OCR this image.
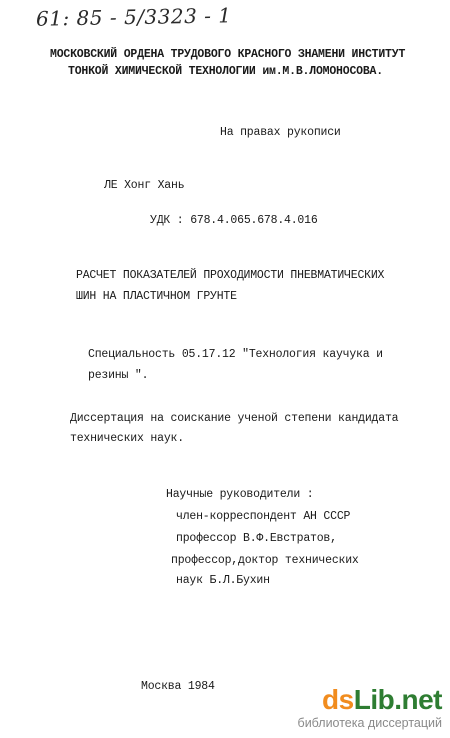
61: 85 - 5/3323 - 1
МОСКОВСКИЙ ОРДЕНА ТРУДОВОГО КРАСНОГО ЗНАМЕНИ ИНСТИТУТ
ТОНКОЙ ХИМИЧЕСКОЙ ТЕХНОЛОГИИ им.М.В.ЛОМОНОСОВА.
На правах рукописи
ЛЕ Хонг Хань
УДК : 678.4.065.678.4.016
РАСЧЕТ ПОКАЗАТЕЛЕЙ ПРОХОДИМОСТИ ПНЕВМАТИЧЕСКИХ
ШИН НА ПЛАСТИЧНОМ ГРУНТЕ
Специальность 05.17.12 "Технология каучука и
резины ".
Диссертация на соискание ученой степени кандидата
технических наук.
Научные руководители :
член-корреспондент АН СССР
профессор В.Ф.Евстратов,
профессор,доктор технических
наук Б.Л.Бухин
Москва 1984	dsLib.net
библиотека диссертаций
